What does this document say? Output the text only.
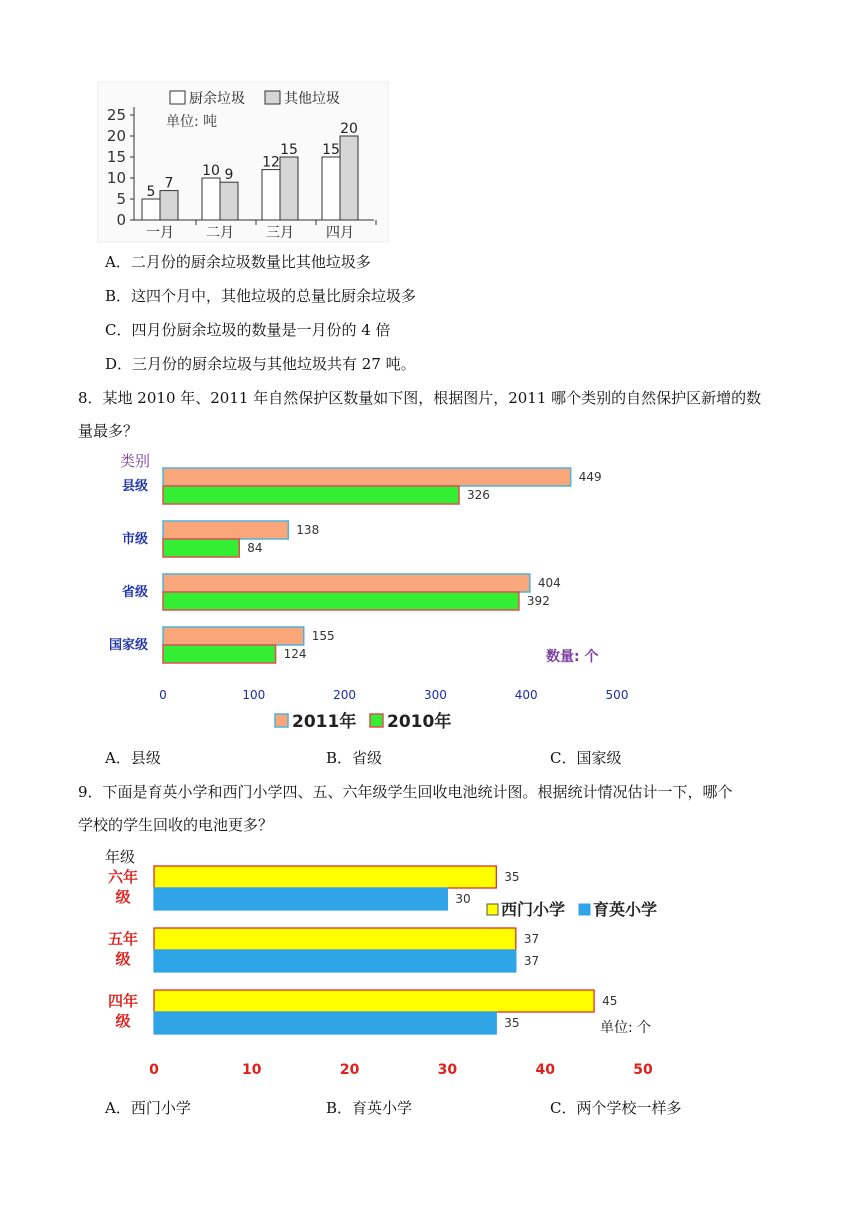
厨余垃圾	其他垃圾
单位: 吨
0
5
10
15
20
25
一月 二月 三月 四月
5
7
10 9
12
15 15
20
A．二月份的厨余垃圾数量比其他垃圾多
B．这四个月中，其他垃圾的总量比厨余垃圾多
C．四月份厨余垃圾的数量是一月份的 4 倍
D．三月份的厨余垃圾与其他垃圾共有 27 吨。
8．某地 2010 年、2011 年自然保护区数量如下图，根据图片，2011 哪个类别的自然保护区新增的数
量最多？
类别
数量: 个
县级
市级
省级
国家级
449
326
138
84
404
392
155
124
0	100	200	300	400	500
2011年 2010年
A．县级	B．省级	C．国家级
9．下面是育英小学和西门小学四、五、六年级学生回收电池统计图。根据统计情况估计一下，哪个
学校的学生回收的电池更多？
年级
单位: 个
六年级
五年级
四年级
35
30
37
37
45
35
0	10	20	30	40	50
西门小学 育英小学
A．西门小学	B．育英小学	C．两个学校一样多
